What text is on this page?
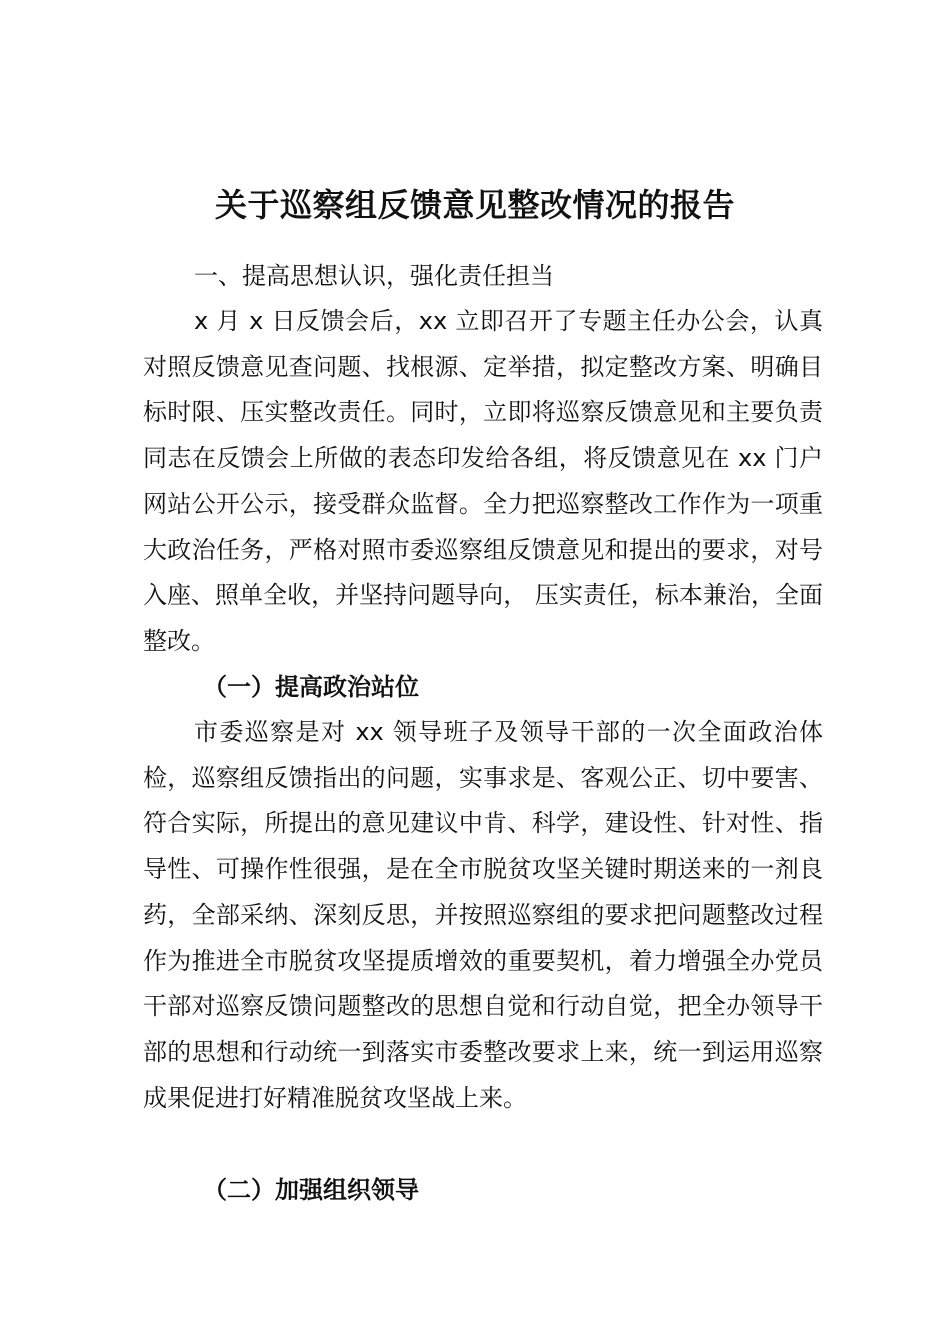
关于巡察组反馈意见整改情况的报告
一、提高思想认识，强化责任担当

x 月 x 日反馈会后，xx 立即召开了专题主任办公会，认真对照反馈意见查问题、找根源、定举措，拟定整改方案、明确目标时限、压实整改责任。同时，立即将巡察反馈意见和主要负责同志在反馈会上所做的表态印发给各组，将反馈意见在 xx 门户网站公开公示，接受群众监督。全力把巡察整改工作作为一项重大政治任务，严格对照市委巡察组反馈意见和提出的要求，对号入座、照单全收，并坚持问题导向， 压实责任，标本兼治，全面整改。

（一）提高政治站位

市委巡察是对 xx 领导班子及领导干部的一次全面政治体检，巡察组反馈指出的问题，实事求是、客观公正、切中要害、符合实际，所提出的意见建议中肯、科学，建设性、针对性、指导性、可操作性很强，是在全市脱贫攻坚关键时期送来的一剂良药，全部采纳、深刻反思，并按照巡察组的要求把问题整改过程作为推进全市脱贫攻坚提质增效的重要契机，着力增强全办党员干部对巡察反馈问题整改的思想自觉和行动自觉，把全办领导干部的思想和行动统一到落实市委整改要求上来，统一到运用巡察成果促进打好精准脱贫攻坚战上来。

（二）加强组织领导
